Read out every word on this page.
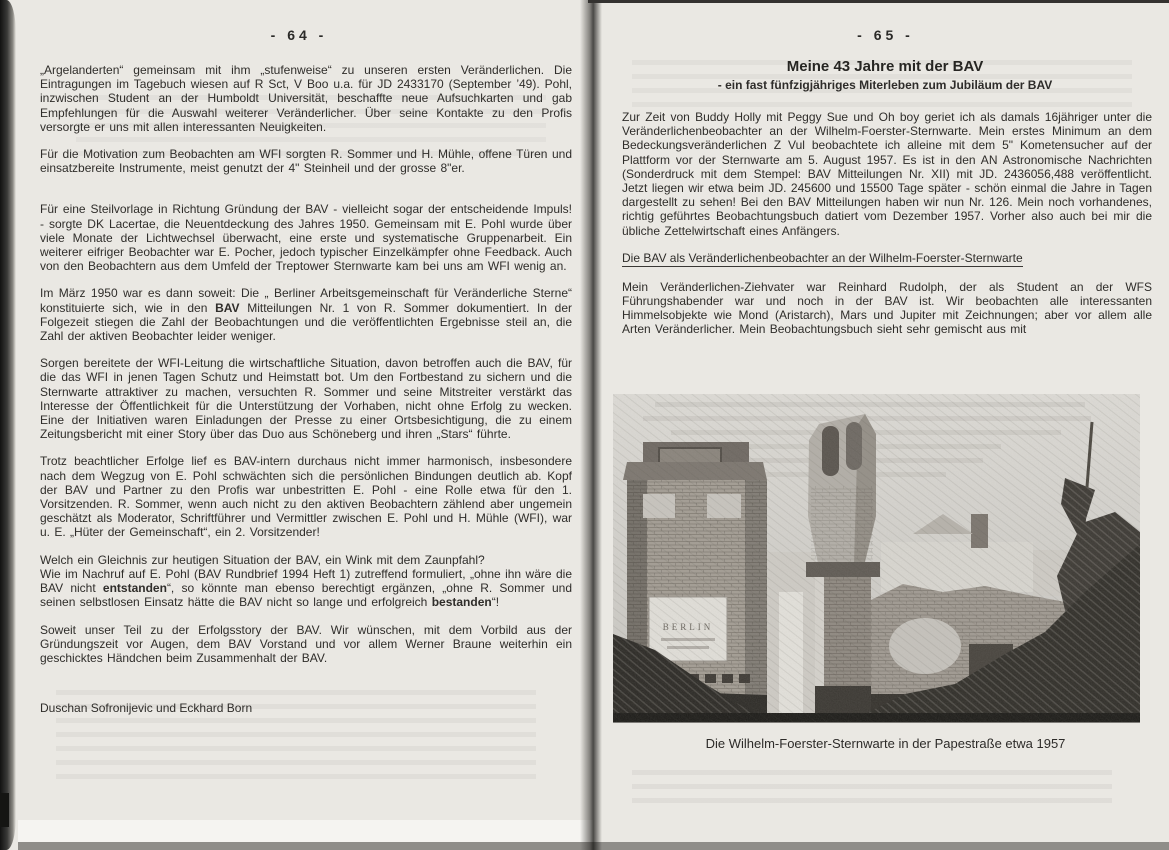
- 64 -
„Argelanderten“ gemeinsam mit ihm „stufenweise“ zu unseren ersten Veränderlichen. Die Eintragungen im Tagebuch wiesen auf R Sct, V Boo u.a. für JD 2433170 (September ’49). Pohl, inzwischen Student an der Humboldt Universität, beschaffte neue Aufsuchkarten und gab Empfehlungen für die Auswahl weiterer Veränderlicher. Über seine Kontakte zu den Profis versorgte er uns mit allen interessanten Neuigkeiten.
Für die Motivation zum Beobachten am WFI sorgten R. Sommer und H. Mühle, offene Türen und einsatzbereite Instrumente, meist genutzt der 4" Steinheil und der grosse 8"er.
Für eine Steilvorlage in Richtung Gründung der BAV - vielleicht sogar der entscheidende Impuls! - sorgte DK Lacertae, die Neuentdeckung des Jahres 1950. Gemeinsam mit E. Pohl wurde über viele Monate der Lichtwechsel überwacht, eine erste und systematische Gruppenarbeit. Ein weiterer eifriger Beobachter war E. Pocher, jedoch typischer Einzelkämpfer ohne Feedback. Auch von den Beobachtern aus dem Umfeld der Treptower Sternwarte kam bei uns am WFI wenig an.
Im März 1950 war es dann soweit: Die „ Berliner Arbeitsgemeinschaft für Veränderliche Sterne“ konstituierte sich, wie in den BAV Mitteilungen Nr. 1 von R. Sommer dokumentiert. In der Folgezeit stiegen die Zahl der Beobachtungen und die veröffentlichten Ergebnisse steil an, die Zahl der aktiven Beobachter leider weniger.
Sorgen bereitete der WFI-Leitung die wirtschaftliche Situation, davon betroffen auch die BAV, für die das WFI in jenen Tagen Schutz und Heimstatt bot. Um den Fortbestand zu sichern und die Sternwarte attraktiver zu machen, versuchten R. Sommer und seine Mitstreiter verstärkt das Interesse der Öffentlichkeit für die Unterstützung der Vorhaben, nicht ohne Erfolg zu wecken. Eine der Initiativen waren Einladungen der Presse zu einer Ortsbesichtigung, die zu einem Zeitungsbericht mit einer Story über das Duo aus Schöneberg und ihren „Stars“ führte.
Trotz beachtlicher Erfolge lief es BAV-intern durchaus nicht immer harmonisch, insbesondere nach dem Wegzug von E. Pohl schwächten sich die persönlichen Bindungen deutlich ab. Kopf der BAV und Partner zu den Profis war unbestritten E. Pohl - eine Rolle etwa für den 1. Vorsitzenden. R. Sommer, wenn auch nicht zu den aktiven Beobachtern zählend aber ungemein geschätzt als Moderator, Schriftführer und Vermittler zwischen E. Pohl und H. Mühle (WFI), war u. E. „Hüter der Gemeinschaft“, ein 2. Vorsitzender!
Welch ein Gleichnis zur heutigen Situation der BAV, ein Wink mit dem Zaunpfahl?
Wie im Nachruf auf E. Pohl (BAV Rundbrief 1994 Heft 1) zutreffend formuliert, „ohne ihn wäre die BAV nicht entstanden“, so könnte man ebenso berechtigt ergänzen, „ohne R. Sommer und seinen selbstlosen Einsatz hätte die BAV nicht so lange und erfolgreich bestanden“!
Soweit unser Teil zu der Erfolgsstory der BAV. Wir wünschen, mit dem Vorbild aus der Gründungszeit vor Augen, dem BAV Vorstand und vor allem Werner Braune weiterhin ein geschicktes Händchen beim Zusammenhalt der BAV.
Duschan Sofronijevic und Eckhard Born
- 65 -
Meine 43 Jahre mit der BAV
- ein fast fünfzigjähriges Miterleben zum Jubiläum der BAV
Zur Zeit von Buddy Holly mit Peggy Sue und Oh boy geriet ich als damals 16jähriger unter die Veränderlichenbeobachter an der Wilhelm-Foerster-Sternwarte. Mein erstes Minimum an dem Bedeckungsveränderlichen Z Vul beobachtete ich alleine mit dem 5" Kometensucher auf der Plattform vor der Sternwarte am 5. August 1957. Es ist in den AN Astronomische Nachrichten (Sonderdruck mit dem Stempel: BAV Mitteilungen Nr. XII) mit JD. 2436056,488 veröffentlicht. Jetzt liegen wir etwa beim JD. 245600 und 15500 Tage später - schön einmal die Jahre in Tagen dargestellt zu sehen! Bei den BAV Mitteilungen haben wir nun Nr. 126. Mein noch vorhandenes, richtig geführtes Beobachtungsbuch datiert vom Dezember 1957. Vorher also auch bei mir die übliche Zettelwirtschaft eines Anfängers.
Die BAV als Veränderlichenbeobachter an der Wilhelm-Foerster-Sternwarte
Mein Veränderlichen-Ziehvater war Reinhard Rudolph, der als Student an der WFS Führungshabender war und noch in der BAV ist. Wir beobachten alle interessanten Himmelsobjekte wie Mond (Aristarch), Mars und Jupiter mit Zeichnungen; aber vor allem alle Arten Veränderlicher. Mein Beobachtungsbuch sieht sehr gemischt aus mit
Die Wilhelm-Foerster-Sternwarte in der Papestraße etwa 1957
